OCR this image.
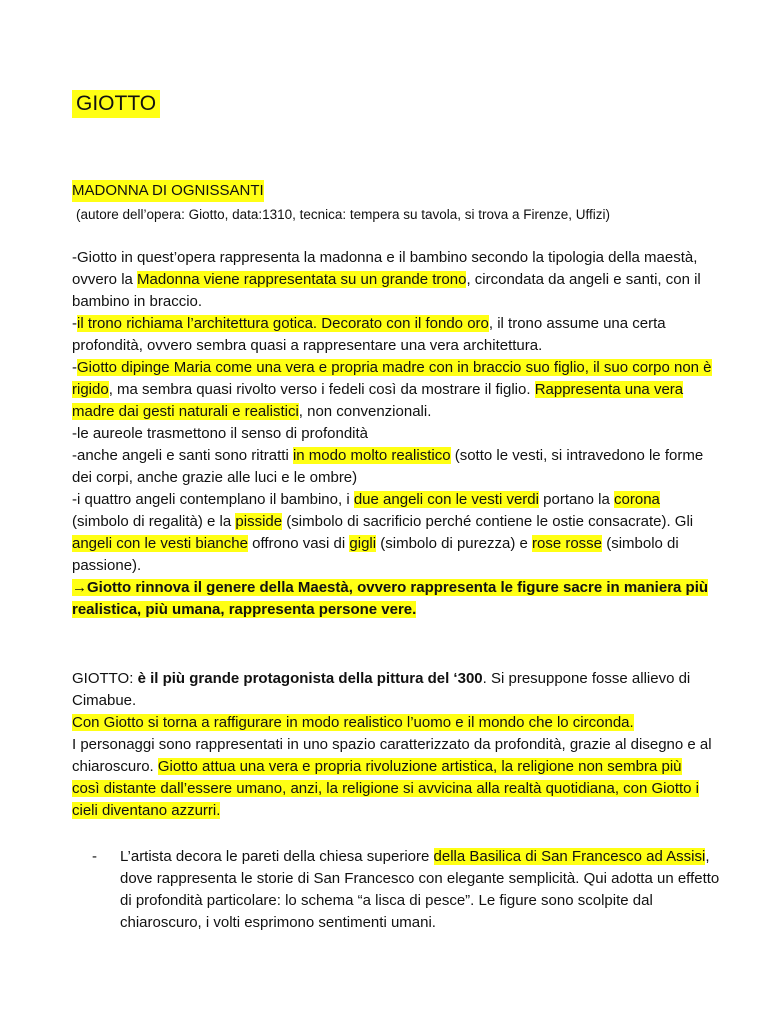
GIOTTO
MADONNA DI OGNISSANTI
(autore dell’opera: Giotto, data:1310, tecnica: tempera su tavola, si trova a Firenze, Uffizi)

-Giotto in quest’opera rappresenta la madonna e il bambino secondo la tipologia della maestà, ovvero la Madonna viene rappresentata su un grande trono, circondata da angeli e santi, con il bambino in braccio.

-il trono richiama l’architettura gotica. Decorato con il fondo oro, il trono assume una certa profondità, ovvero sembra quasi a rappresentare una vera architettura.

-Giotto dipinge Maria come una vera e propria madre con in braccio suo figlio, il suo corpo non è rigido, ma sembra quasi rivolto verso i fedeli così da mostrare il figlio. Rappresenta una vera madre dai gesti naturali e realistici, non convenzionali.

-le aureole trasmettono il senso di profondità

-anche angeli e santi sono ritratti in modo molto realistico (sotto le vesti, si intravedono le forme dei corpi, anche grazie alle luci e le ombre)

-i quattro angeli contemplano il bambino, i due angeli con le vesti verdi portano la corona (simbolo di regalità) e la pisside (simbolo di sacrificio perché contiene le ostie consacrate). Gli angeli con le vesti bianche offrono vasi di gigli (simbolo di purezza) e rose rosse (simbolo di passione).

→Giotto rinnova il genere della Maestà, ovvero rappresenta le figure sacre in maniera più realistica, più umana, rappresenta persone vere.

GIOTTO: è il più grande protagonista della pittura del ‘300. Si presuppone fosse allievo di Cimabue.

Con Giotto si torna a raffigurare in modo realistico l’uomo e il mondo che lo circonda.

I personaggi sono rappresentati in uno spazio caratterizzato da profondità, grazie al disegno e al chiaroscuro. Giotto attua una vera e propria rivoluzione artistica, la religione non sembra più così distante dall’essere umano, anzi, la religione si avvicina alla realtà quotidiana, con Giotto i cieli diventano azzurri.

- L’artista decora le pareti della chiesa superiore della Basilica di San Francesco ad Assisi, dove rappresenta le storie di San Francesco con elegante semplicità. Qui adotta un effetto di profondità particolare: lo schema “a lisca di pesce”. Le figure sono scolpite dal chiaroscuro, i volti esprimono sentimenti umani.
